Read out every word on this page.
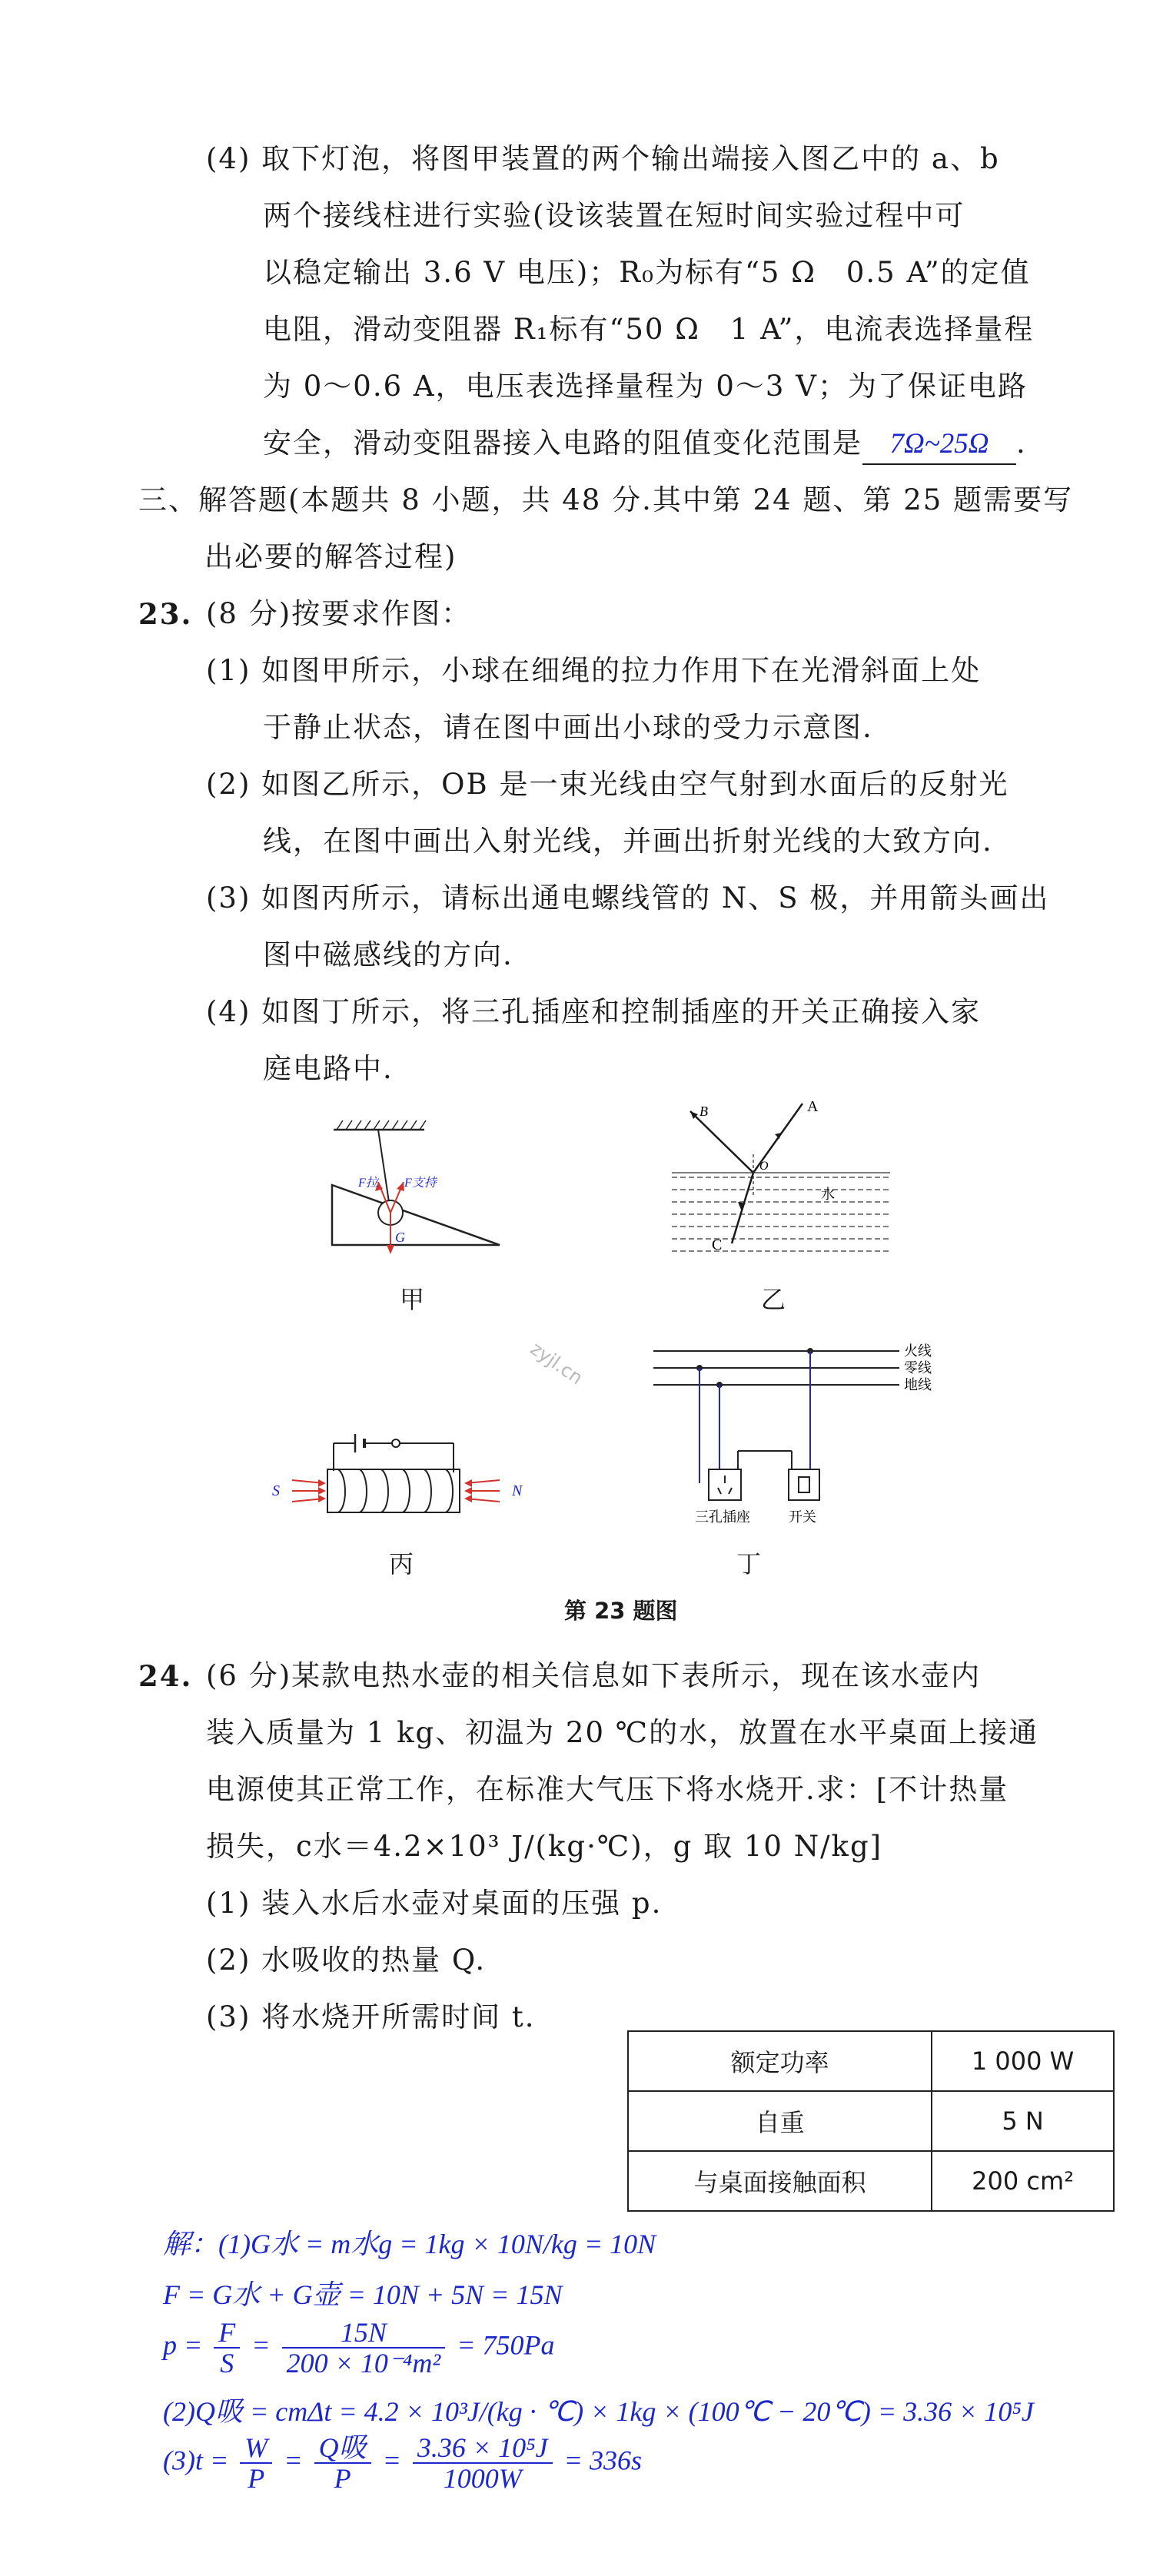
(4) 取下灯泡，将图甲装置的两个输出端接入图乙中的 a、b
两个接线柱进行实验(设该装置在短时间实验过程中可
以稳定输出 3.6 V 电压)；R₀为标有“5 Ω　0.5 A”的定值
电阻，滑动变阻器 R₁标有“50 Ω　1 A”，电流表选择量程
为 0～0.6 A，电压表选择量程为 0～3 V；为了保证电路
安全，滑动变阻器接入电路的阻值变化范围是 7Ω~25Ω .
三、解答题(本题共 8 小题，共 48 分.其中第 24 题、第 25 题需要写
出必要的解答过程)
23. (8 分)按要求作图：
(1) 如图甲所示，小球在细绳的拉力作用下在光滑斜面上处
于静止状态，请在图中画出小球的受力示意图.
(2) 如图乙所示，OB 是一束光线由空气射到水面后的反射光
线，在图中画出入射光线，并画出折射光线的大致方向.
(3) 如图丙所示，请标出通电螺线管的 N、S 极，并用箭头画出
图中磁感线的方向.
(4) 如图丁所示，将三孔插座和控制插座的开关正确接入家
庭电路中.
F拉 F支持
G
甲
B	A
O
C
水
乙
zyjl.cn
S	N
丙
火线
零线
地线
三孔插座	开关
丁
第 23 题图
24. (6 分)某款电热水壶的相关信息如下表所示，现在该水壶内
装入质量为 1 kg、初温为 20 ℃的水，放置在水平桌面上接通
电源使其正常工作，在标准大气压下将水烧开.求：[不计热量
损失，c水＝4.2×10³ J/(kg·℃)，g 取 10 N/kg]
(1) 装入水后水壶对桌面的压强 p.
(2) 水吸收的热量 Q.
(3) 将水烧开所需时间 t.
额定功率	1 000 W
自重	5 N
与桌面接触面积	200 cm²
解：(1)G水 = m水g = 1kg × 10N/kg = 10N
F = G水 + G壶 = 10N + 5N = 15N
$p = \frac{F}{S} = \frac{15N}{\text{200 × 10⁻⁴m²}} = 750Pa$
(2)Q吸 = cmΔt = 4.2 × 10³J/(kg · ℃) × 1kg × (100℃ − 20℃) = 3.36 × 10⁵J
$(3)t = \frac{W}{P} = \frac{\text{Q吸}}{P} = \frac{\text{3.36 × 10⁵J}}{1000W} = 336s$
